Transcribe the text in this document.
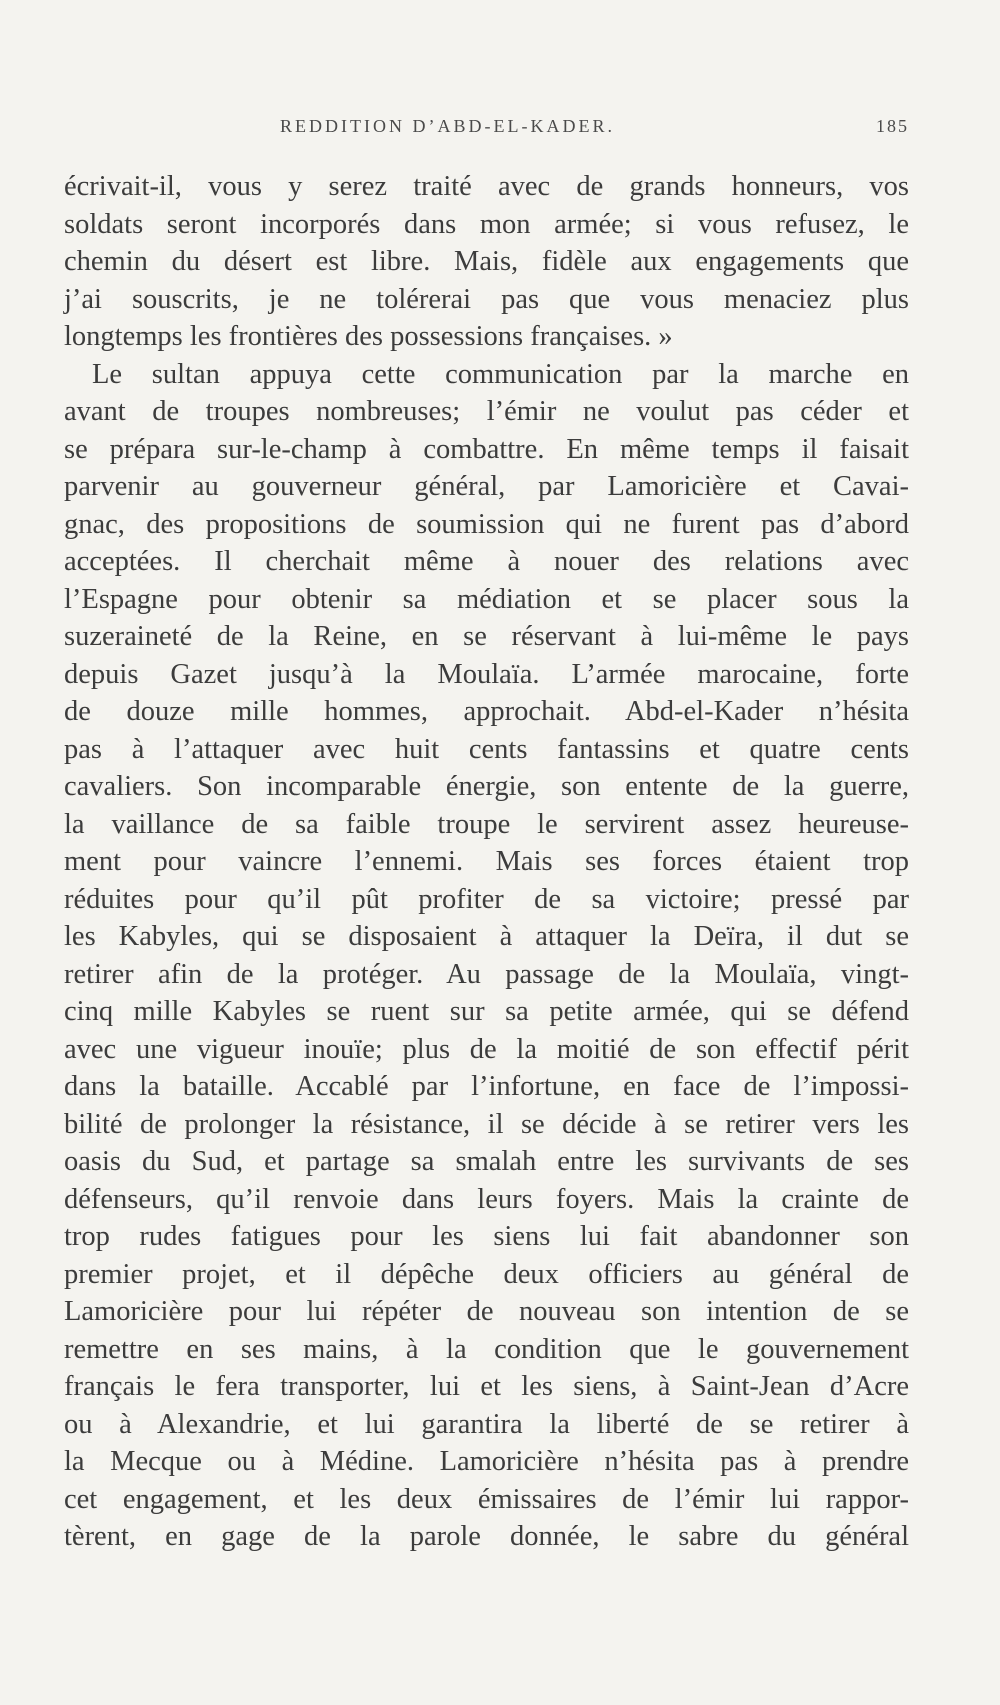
REDDITION D’ABD-EL-KADER.	185
écrivait-il, vous y serez traité avec de grands honneurs, vos
soldats seront incorporés dans mon armée; si vous refusez, le
chemin du désert est libre. Mais, fidèle aux engagements que
j’ai souscrits, je ne tolérerai pas que vous menaciez plus
longtemps les frontières des possessions françaises. »
Le sultan appuya cette communication par la marche en
avant de troupes nombreuses; l’émir ne voulut pas céder et
se prépara sur-le-champ à combattre. En même temps il faisait
parvenir au gouverneur général, par Lamoricière et Cavai-
gnac, des propositions de soumission qui ne furent pas d’abord
acceptées. Il cherchait même à nouer des relations avec
l’Espagne pour obtenir sa médiation et se placer sous la
suzeraineté de la Reine, en se réservant à lui-même le pays
depuis Gazet jusqu’à la Moulaïa. L’armée marocaine, forte
de douze mille hommes, approchait. Abd-el-Kader n’hésita
pas à l’attaquer avec huit cents fantassins et quatre cents
cavaliers. Son incomparable énergie, son entente de la guerre,
la vaillance de sa faible troupe le servirent assez heureuse-
ment pour vaincre l’ennemi. Mais ses forces étaient trop
réduites pour qu’il pût profiter de sa victoire; pressé par
les Kabyles, qui se disposaient à attaquer la Deïra, il dut se
retirer afin de la protéger. Au passage de la Moulaïa, vingt-
cinq mille Kabyles se ruent sur sa petite armée, qui se défend
avec une vigueur inouïe; plus de la moitié de son effectif périt
dans la bataille. Accablé par l’infortune, en face de l’impossi-
bilité de prolonger la résistance, il se décide à se retirer vers les
oasis du Sud, et partage sa smalah entre les survivants de ses
défenseurs, qu’il renvoie dans leurs foyers. Mais la crainte de
trop rudes fatigues pour les siens lui fait abandonner son
premier projet, et il dépêche deux officiers au général de
Lamoricière pour lui répéter de nouveau son intention de se
remettre en ses mains, à la condition que le gouvernement
français le fera transporter, lui et les siens, à Saint-Jean d’Acre
ou à Alexandrie, et lui garantira la liberté de se retirer à
la Mecque ou à Médine. Lamoricière n’hésita pas à prendre
cet engagement, et les deux émissaires de l’émir lui rappor-
tèrent, en gage de la parole donnée, le sabre du général
